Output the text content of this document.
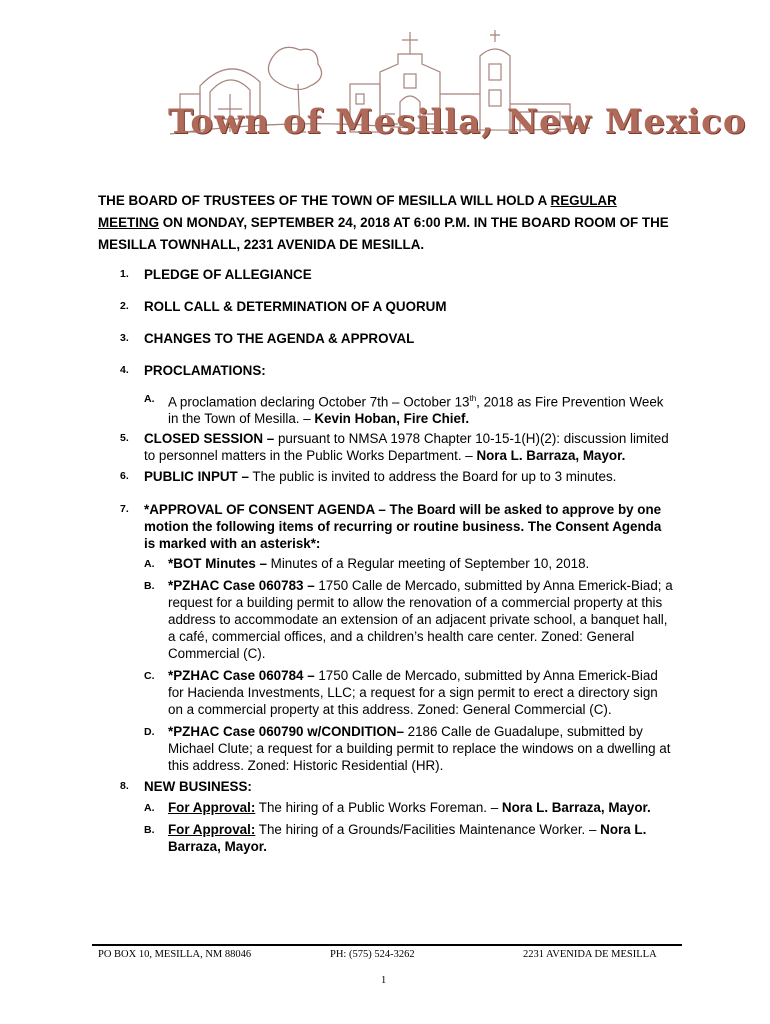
Town of Mesilla, New Mexico

THE BOARD OF TRUSTEES OF THE TOWN OF MESILLA WILL HOLD A REGULAR MEETING ON MONDAY, SEPTEMBER 24, 2018 AT 6:00 P.M. IN THE BOARD ROOM OF THE MESILLA TOWNHALL, 2231 AVENIDA DE MESILLA.

1. PLEDGE OF ALLEGIANCE
2. ROLL CALL & DETERMINATION OF A QUORUM
3. CHANGES TO THE AGENDA & APPROVAL
4. PROCLAMATIONS:
A. A proclamation declaring October 7th – October 13th, 2018 as Fire Prevention Week in the Town of Mesilla. – Kevin Hoban, Fire Chief.
5. CLOSED SESSION – pursuant to NMSA 1978 Chapter 10-15-1(H)(2): discussion limited to personnel matters in the Public Works Department. – Nora L. Barraza, Mayor.
6. PUBLIC INPUT – The public is invited to address the Board for up to 3 minutes.
7. *APPROVAL OF CONSENT AGENDA – The Board will be asked to approve by one motion the following items of recurring or routine business. The Consent Agenda is marked with an asterisk*:
A. *BOT Minutes – Minutes of a Regular meeting of September 10, 2018.
B. *PZHAC Case 060783 – 1750 Calle de Mercado, submitted by Anna Emerick-Biad; a request for a building permit to allow the renovation of a commercial property at this address to accommodate an extension of an adjacent private school, a banquet hall, a café, commercial offices, and a children’s health care center. Zoned: General Commercial (C).
C. *PZHAC Case 060784 – 1750 Calle de Mercado, submitted by Anna Emerick-Biad for Hacienda Investments, LLC; a request for a sign permit to erect a directory sign on a commercial property at this address. Zoned: General Commercial (C).
D. *PZHAC Case 060790 w/CONDITION– 2186 Calle de Guadalupe, submitted by Michael Clute; a request for a building permit to replace the windows on a dwelling at this address. Zoned: Historic Residential (HR).
8. NEW BUSINESS:
A. For Approval: The hiring of a Public Works Foreman. – Nora L. Barraza, Mayor.
B. For Approval: The hiring of a Grounds/Facilities Maintenance Worker. – Nora L. Barraza, Mayor.
PO BOX 10, MESILLA, NM 88046	PH: (575) 524-3262	2231 AVENIDA DE MESILLA
1
